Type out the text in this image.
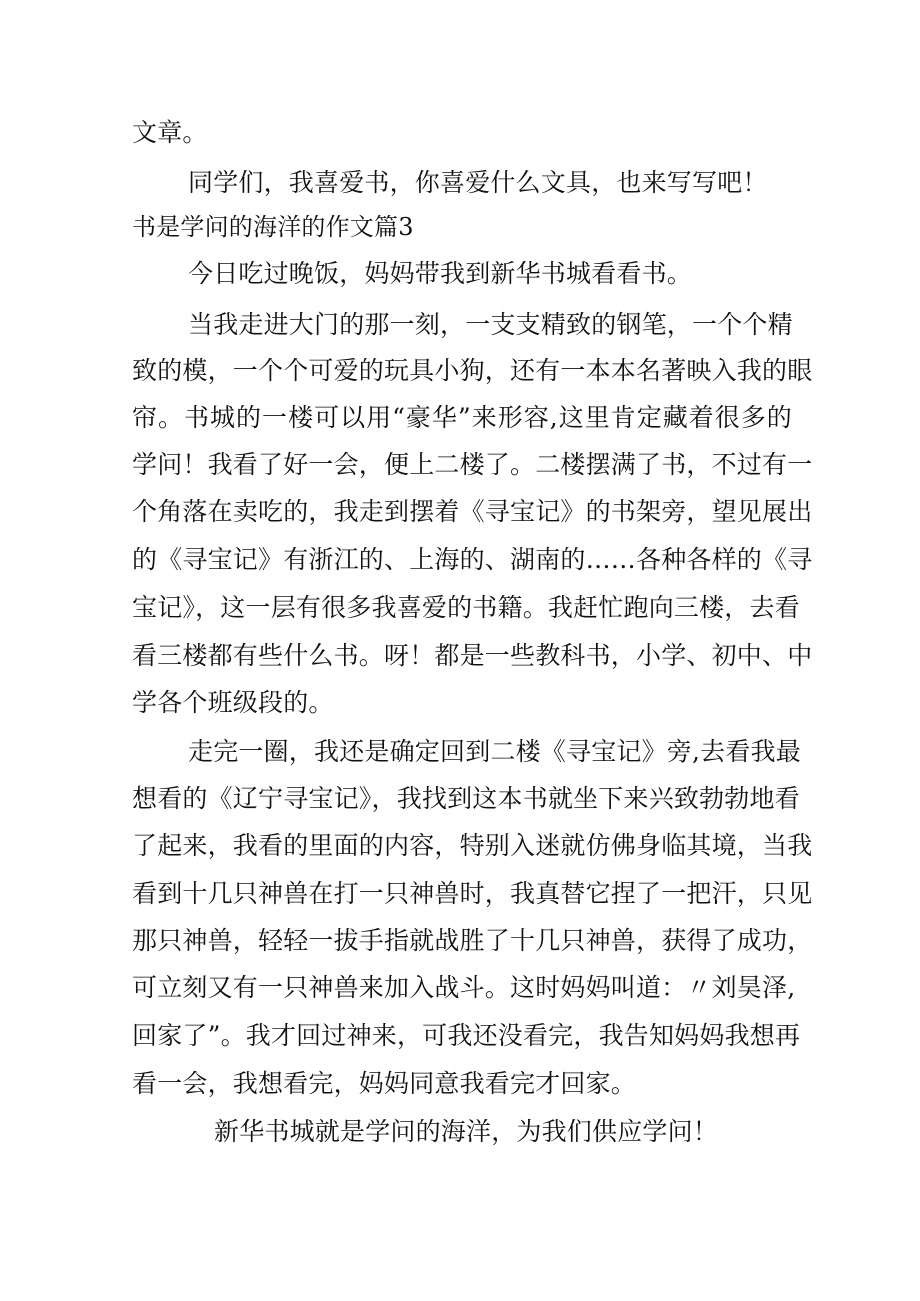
文章。
同学们，我喜爱书，你喜爱什么文具，也来写写吧！
书是学问的海洋的作文篇3
今日吃过晚饭，妈妈带我到新华书城看看书。
当我走进大门的那一刻，一支支精致的钢笔，一个个精
致的模，一个个可爱的玩具小狗，还有一本本名著映入我的眼
帘。书城的一楼可以用“豪华”来形容,这里肯定藏着很多的
学问！我看了好一会，便上二楼了。二楼摆满了书，不过有一
个角落在卖吃的，我走到摆着《寻宝记》的书架旁，望见展出
的《寻宝记》有浙江的、上海的、湖南的……各种各样的《寻
宝记》，这一层有很多我喜爱的书籍。我赶忙跑向三楼，去看
看三楼都有些什么书。呀！都是一些教科书，小学、初中、中
学各个班级段的。
走完一圈，我还是确定回到二楼《寻宝记》旁,去看我最
想看的《辽宁寻宝记》，我找到这本书就坐下来兴致勃勃地看
了起来，我看的里面的内容，特别入迷就仿佛身临其境，当我
看到十几只神兽在打一只神兽时，我真替它捏了一把汗，只见
那只神兽，轻轻一拔手指就战胜了十几只神兽，获得了成功，
可立刻又有一只神兽来加入战斗。这时妈妈叫道：〃刘昊泽,
回家了”。我才回过神来，可我还没看完，我告知妈妈我想再
看一会，我想看完，妈妈同意我看完才回家。
新华书城就是学问的海洋，为我们供应学问！
